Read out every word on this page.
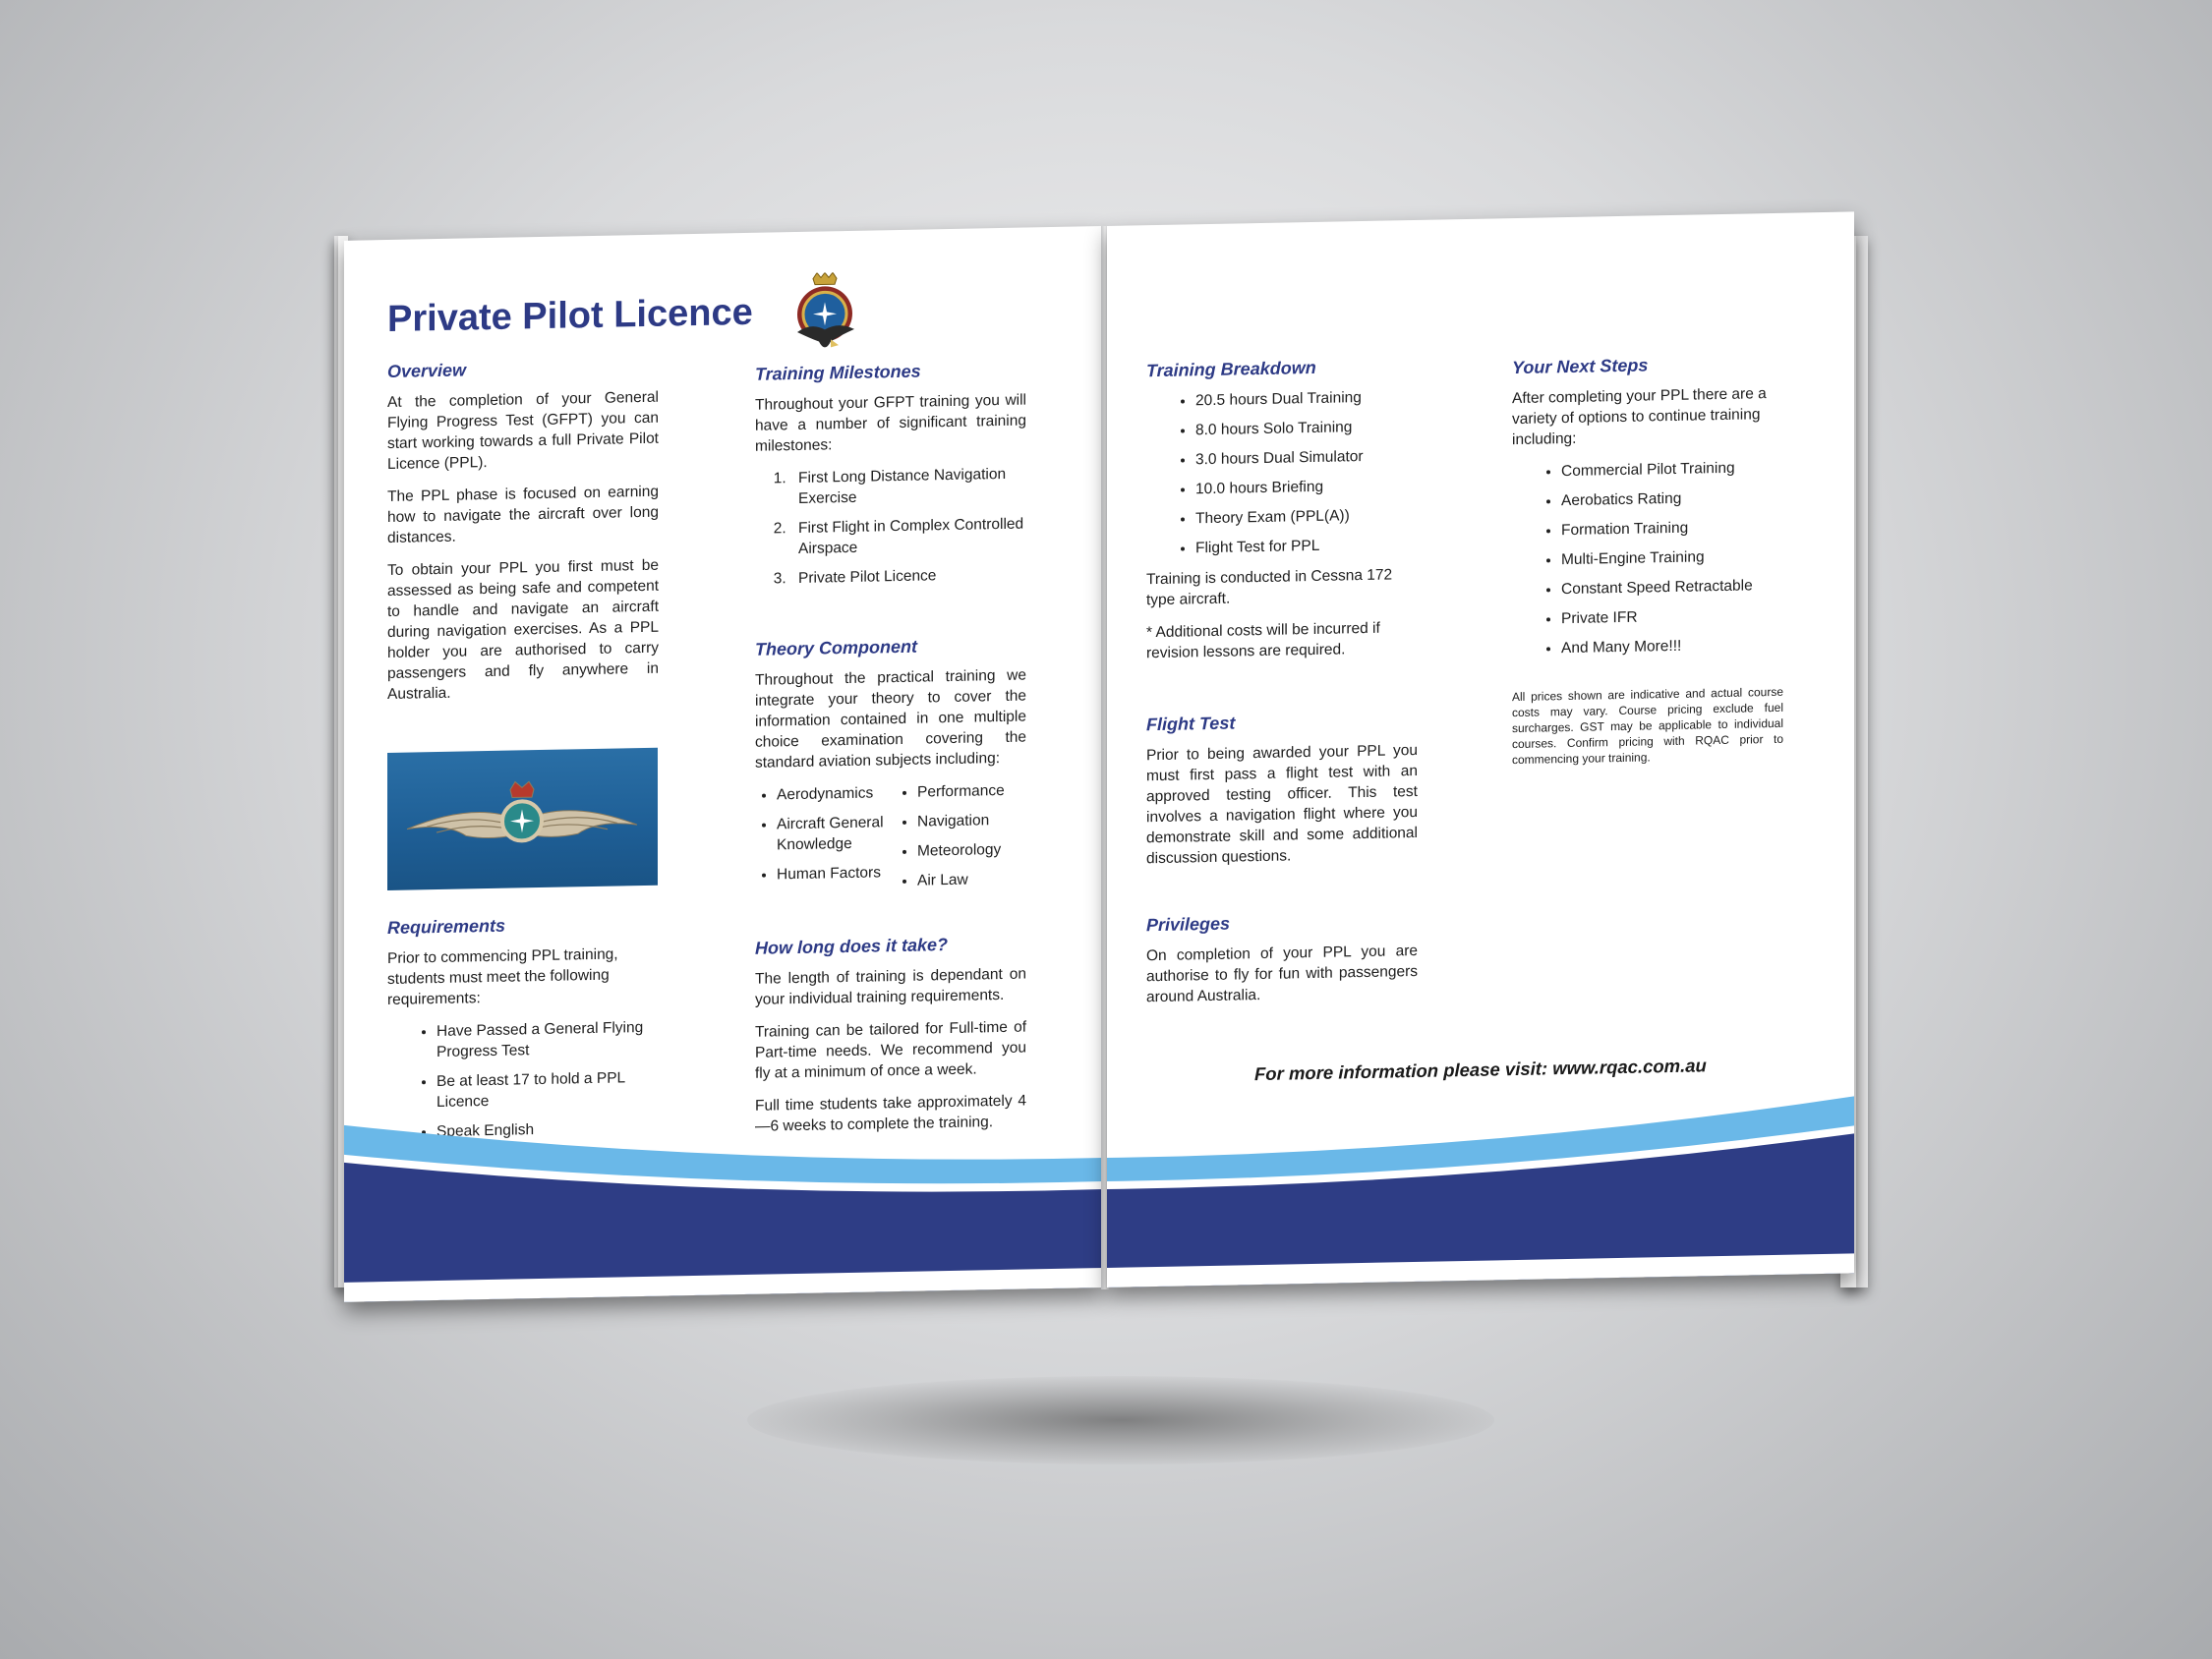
Private Pilot Licence
Overview

At the completion of your General Flying Progress Test (GFPT) you can start working towards a full Private Pilot Licence (PPL).

The PPL phase is focused on earning how to navigate the aircraft over long distances.

To obtain your PPL you first must be assessed as being safe and competent to handle and navigate an aircraft during navigation exercises. As a PPL holder you are authorised to carry passengers and fly anywhere in Australia.

Requirements

Prior to commencing PPL training, students must meet the following requirements:

• Have Passed a General Flying Progress Test
• Be at least 17 to hold a PPL Licence
• Speak English
Training Milestones

Throughout your GFPT training you will have a number of significant training milestones:

1. First Long Distance Navigation Exercise
2. First Flight in Complex Controlled Airspace
3. Private Pilot Licence
Theory Component

Throughout the practical training we integrate your theory to cover the information contained in one multiple choice examination covering the standard aviation subjects including:

• Aerodynamics
• Aircraft General Knowledge
• Human Factors
• Performance
• Navigation
• Meteorology
• Air Law
How long does it take?

The length of training is dependant on your individual training requirements.

Training can be tailored for Full-time of Part-time needs. We recommend you fly at a minimum of once a week.

Full time students take approximately 4—6 weeks to complete the training.

Training Breakdown
• 20.5 hours Dual Training
• 8.0 hours Solo Training
• 3.0 hours Dual Simulator
• 10.0 hours Briefing
• Theory Exam (PPL(A))
• Flight Test for PPL

Training is conducted in Cessna 172 type aircraft.

* Additional costs will be incurred if revision lessons are required.

Flight Test

Prior to being awarded your PPL you must first pass a flight test with an approved testing officer. This test involves a navigation flight where you demonstrate skill and some additional discussion questions.

Privileges

On completion of your PPL you are authorise to fly for fun with passengers around Australia.

Your Next Steps

After completing your PPL there are a variety of options to continue training including:

• Commercial Pilot Training
• Aerobatics Rating
• Formation Training
• Multi-Engine Training
• Constant Speed Retractable
• Private IFR
• And Many More!!!

All prices shown are indicative and actual course costs may vary. Course pricing exclude fuel surcharges. GST may be applicable to individual courses. Confirm pricing with RQAC prior to commencing your training.

For more information please visit: www.rqac.com.au
